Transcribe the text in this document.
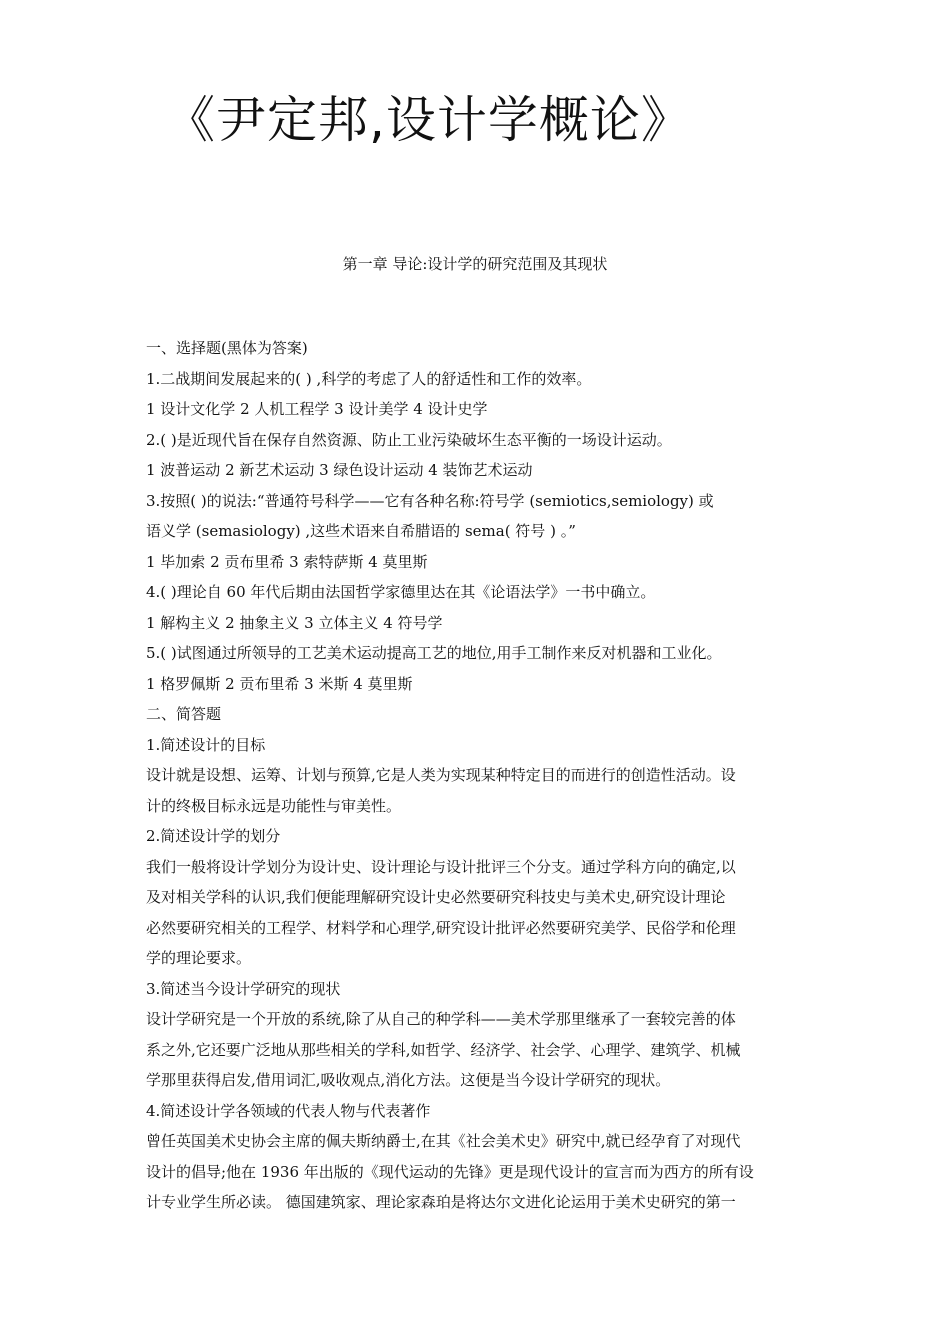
《尹定邦,设计学概论》
第一章 导论:设计学的研究范围及其现状
一、选择题(黑体为答案)
1.二战期间发展起来的( ) ,科学的考虑了人的舒适性和工作的效率。
1 设计文化学 2 人机工程学 3 设计美学 4 设计史学
2.( )是近现代旨在保存自然资源、防止工业污染破坏生态平衡的一场设计运动。
1 波普运动 2 新艺术运动 3 绿色设计运动 4 装饰艺术运动
3.按照( )的说法:“普通符号科学——它有各种名称:符号学 (semiotics,semiology) 或
语义学 (semasiology) ,这些术语来自希腊语的 sema( 符号 ) 。”
1 毕加索 2 贡布里希 3 索特萨斯 4 莫里斯
4.( )理论自 60 年代后期由法国哲学家德里达在其《论语法学》一书中确立。
1 解构主义 2 抽象主义 3 立体主义 4 符号学
5.( )试图通过所领导的工艺美术运动提高工艺的地位,用手工制作来反对机器和工业化。
1 格罗佩斯 2 贡布里希 3 米斯 4 莫里斯
二、简答题
1.简述设计的目标
设计就是设想、运筹、计划与预算,它是人类为实现某种特定目的而进行的创造性活动。设
计的终极目标永远是功能性与审美性。
2.简述设计学的划分
我们一般将设计学划分为设计史、设计理论与设计批评三个分支。通过学科方向的确定,以
及对相关学科的认识,我们便能理解研究设计史必然要研究科技史与美术史,研究设计理论
必然要研究相关的工程学、材料学和心理学,研究设计批评必然要研究美学、民俗学和伦理
学的理论要求。
3.简述当今设计学研究的现状
设计学研究是一个开放的系统,除了从自己的种学科——美术学那里继承了一套较完善的体
系之外,它还要广泛地从那些相关的学科,如哲学、经济学、社会学、心理学、建筑学、机械
学那里获得启发,借用词汇,吸收观点,消化方法。这便是当今设计学研究的现状。
4.简述设计学各领域的代表人物与代表著作
曾任英国美术史协会主席的佩夫斯纳爵士,在其《社会美术史》研究中,就已经孕育了对现代
设计的倡导;他在 1936 年出版的《现代运动的先锋》更是现代设计的宣言而为西方的所有设
计专业学生所必读。 德国建筑家、理论家森珀是将达尔文进化论运用于美术史研究的第一
